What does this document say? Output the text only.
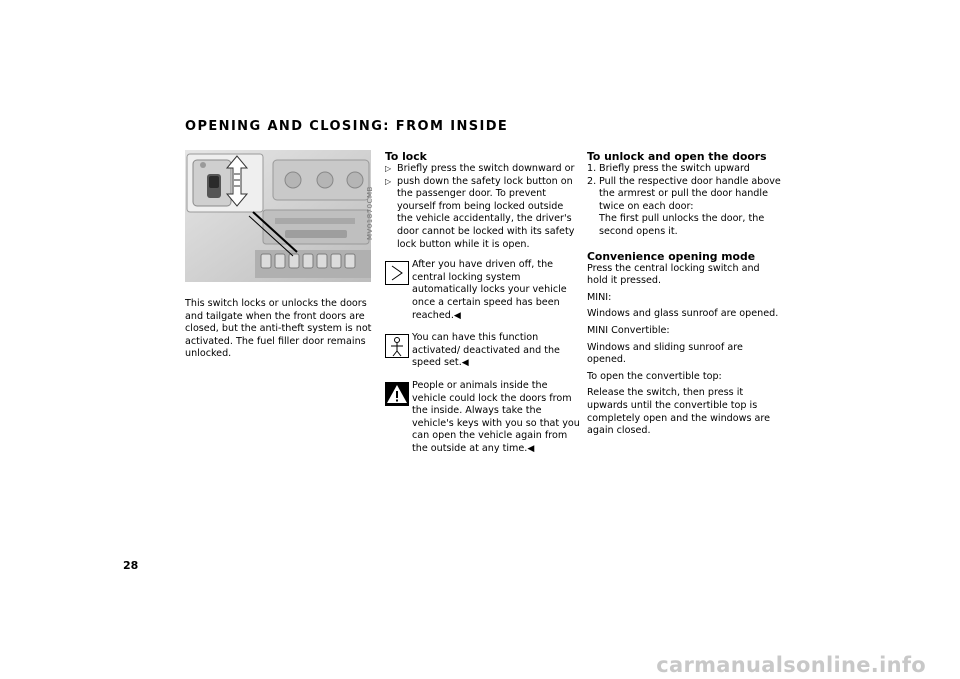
OPENING AND CLOSING: FROM INSIDE
MV01870CMB

This switch locks or unlocks the doors and tailgate when the front doors are closed, but the anti-theft system is not activated. The fuel filler door remains unlocked.

To lock

▷ Briefly press the switch downward or
▷ push down the safety lock button on the passenger door. To prevent yourself from being locked outside the vehicle accidentally, the driver's door cannot be locked with its safety lock button while it is open.

After you have driven off, the central locking system automatically locks your vehicle once a certain speed has been reached.◀

You can have this function activated/ deactivated and the speed set.◀

People or animals inside the vehicle could lock the doors from the inside. Always take the vehicle's keys with you so that you can open the vehicle again from the outside at any time.◀

To unlock and open the doors

1. Briefly press the switch upward
2. Pull the respective door handle above the armrest or pull the door handle twice on each door:

The first pull unlocks the door, the second opens it.

Convenience opening mode

Press the central locking switch and hold it pressed.

MINI:

Windows and glass sunroof are opened.

MINI Convertible:

Windows and sliding sunroof are opened.

To open the convertible top:

Release the switch, then press it upwards until the convertible top is completely open and the windows are again closed.

28
carmanualsonline.info
